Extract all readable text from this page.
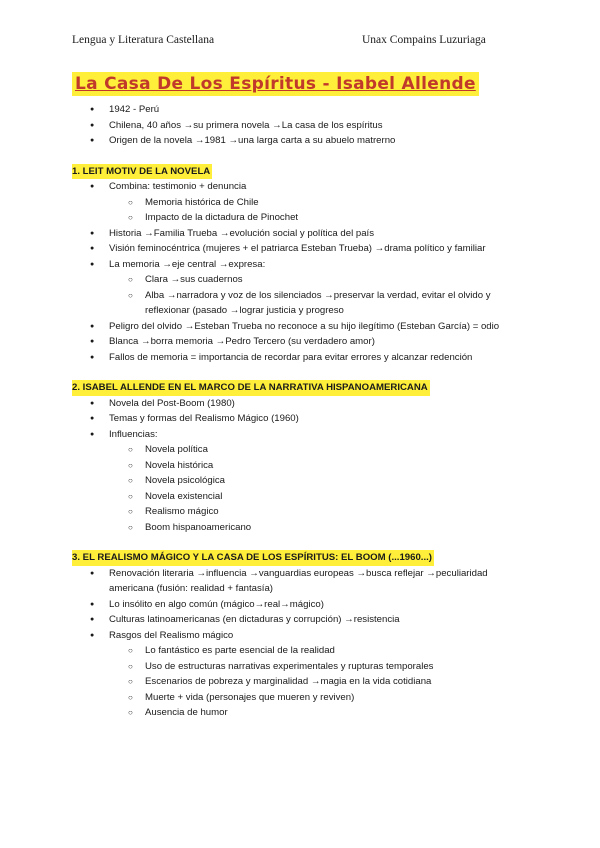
Lengua y Literatura Castellana	Unax Compains Luzuriaga
La Casa De Los Espíritus - Isabel Allende
● 1942 - Perú
● Chilena, 40 años →su primera novela →La casa de los espíritus
● Origen de la novela →1981 →una larga carta a su abuelo matrerno
1. LEIT MOTIV DE LA NOVELA
● Combina: testimonio + denuncia
○ Memoria histórica de Chile
○ Impacto de la dictadura de Pinochet
● Historia →Familia Trueba →evolución social y política del país
● Visión feminocéntrica (mujeres + el patriarca Esteban Trueba) →drama político y familiar
● La memoria →eje central →expresa:
○ Clara →sus cuadernos
○ Alba →narradora y voz de los silenciados →preservar la verdad, evitar el olvido y reflexionar (pasado →lograr justicia y progreso
● Peligro del olvido →Esteban Trueba no reconoce a su hijo ilegítimo (Esteban García) = odio
● Blanca →borra memoria →Pedro Tercero (su verdadero amor)
● Fallos de memoria = importancia de recordar para evitar errores y alcanzar redención
2. ISABEL ALLENDE EN EL MARCO DE LA NARRATIVA HISPANOAMERICANA
● Novela del Post-Boom (1980)
● Temas y formas del Realismo Mágico (1960)
● Influencias:
○ Novela política
○ Novela histórica
○ Novela psicológica
○ Novela existencial
○ Realismo mágico
○ Boom hispanoamericano
3. EL REALISMO MÁGICO Y LA CASA DE LOS ESPÍRITUS: EL BOOM (...1960...)
● Renovación literaria →influencia →vanguardias europeas →busca reflejar →peculiaridad americana (fusión: realidad + fantasía)
● Lo insólito en algo común (mágico→real→mágico)
● Culturas latinoamericanas (en dictaduras y corrupción) →resistencia
● Rasgos del Realismo mágico
○ Lo fantástico es parte esencial de la realidad
○ Uso de estructuras narrativas experimentales y rupturas temporales
○ Escenarios de pobreza y marginalidad →magia en la vida cotidiana
○ Muerte + vida (personajes que mueren y reviven)
○ Ausencia de humor
